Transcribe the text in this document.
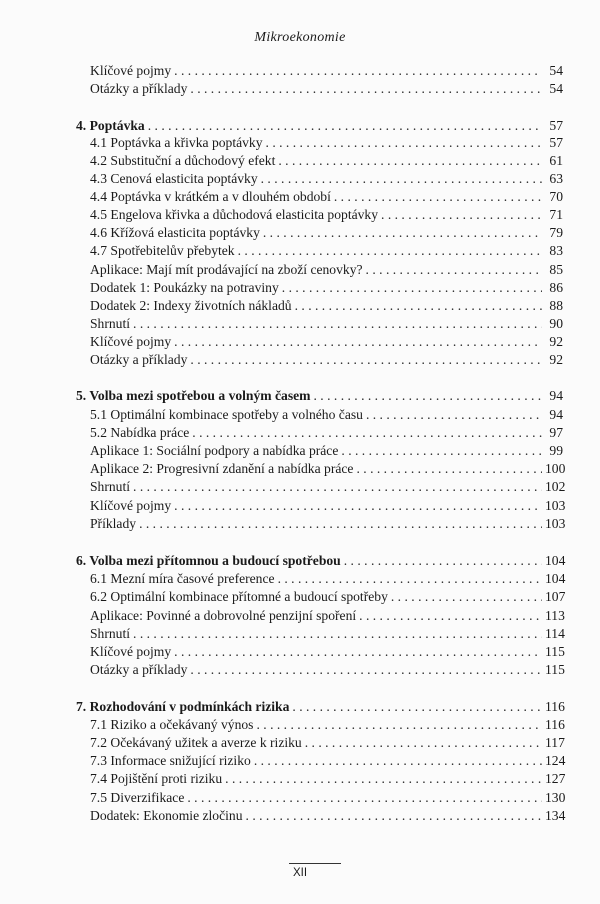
Mikroekonomie
Klíčové pojmy . . .	54
Otázky a příklady . . .	54
4. Poptávka . . .	57
4.1 Poptávka a křivka poptávky . . .	57
4.2 Substituční a důchodový efekt . . .	61
4.3 Cenová elasticita poptávky . . .	63
4.4 Poptávka v krátkém a v dlouhém období . . .	70
4.5 Engelova křivka a důchodová elasticita poptávky . . .	71
4.6 Křížová elasticita poptávky . . .	79
4.7 Spotřebitelův přebytek . . .	83
Aplikace: Mají mít prodávající na zboží cenovky? . . .	85
Dodatek 1: Poukázky na potraviny . . .	86
Dodatek 2: Indexy životních nákladů . . .	88
Shrnutí . . .	90
Klíčové pojmy . . .	92
Otázky a příklady . . .	92
5. Volba mezi spotřebou a volným časem . . .	94
5.1 Optimální kombinace spotřeby a volného času . . .	94
5.2 Nabídka práce . . .	97
Aplikace 1: Sociální podpory a nabídka práce . . .	99
Aplikace 2: Progresivní zdanění a nabídka práce . . .	100
Shrnutí . . .	102
Klíčové pojmy . . .	103
Příklady . . .	103
6. Volba mezi přítomnou a budoucí spotřebou . . .	104
6.1 Mezní míra časové preference . . .	104
6.2 Optimální kombinace přítomné a budoucí spotřeby . . .	107
Aplikace: Povinné a dobrovolné penzijní spoření . . .	113
Shrnutí . . .	114
Klíčové pojmy . . .	115
Otázky a příklady . . .	115
7. Rozhodování v podmínkách rizika . . .	116
7.1 Riziko a očekávaný výnos . . .	116
7.2 Očekávaný užitek a averze k riziku . . .	117
7.3 Informace snižující riziko . . .	124
7.4 Pojištění proti riziku . . .	127
7.5 Diverzifikace . . .	130
Dodatek: Ekonomie zločinu . . .	134
XII
